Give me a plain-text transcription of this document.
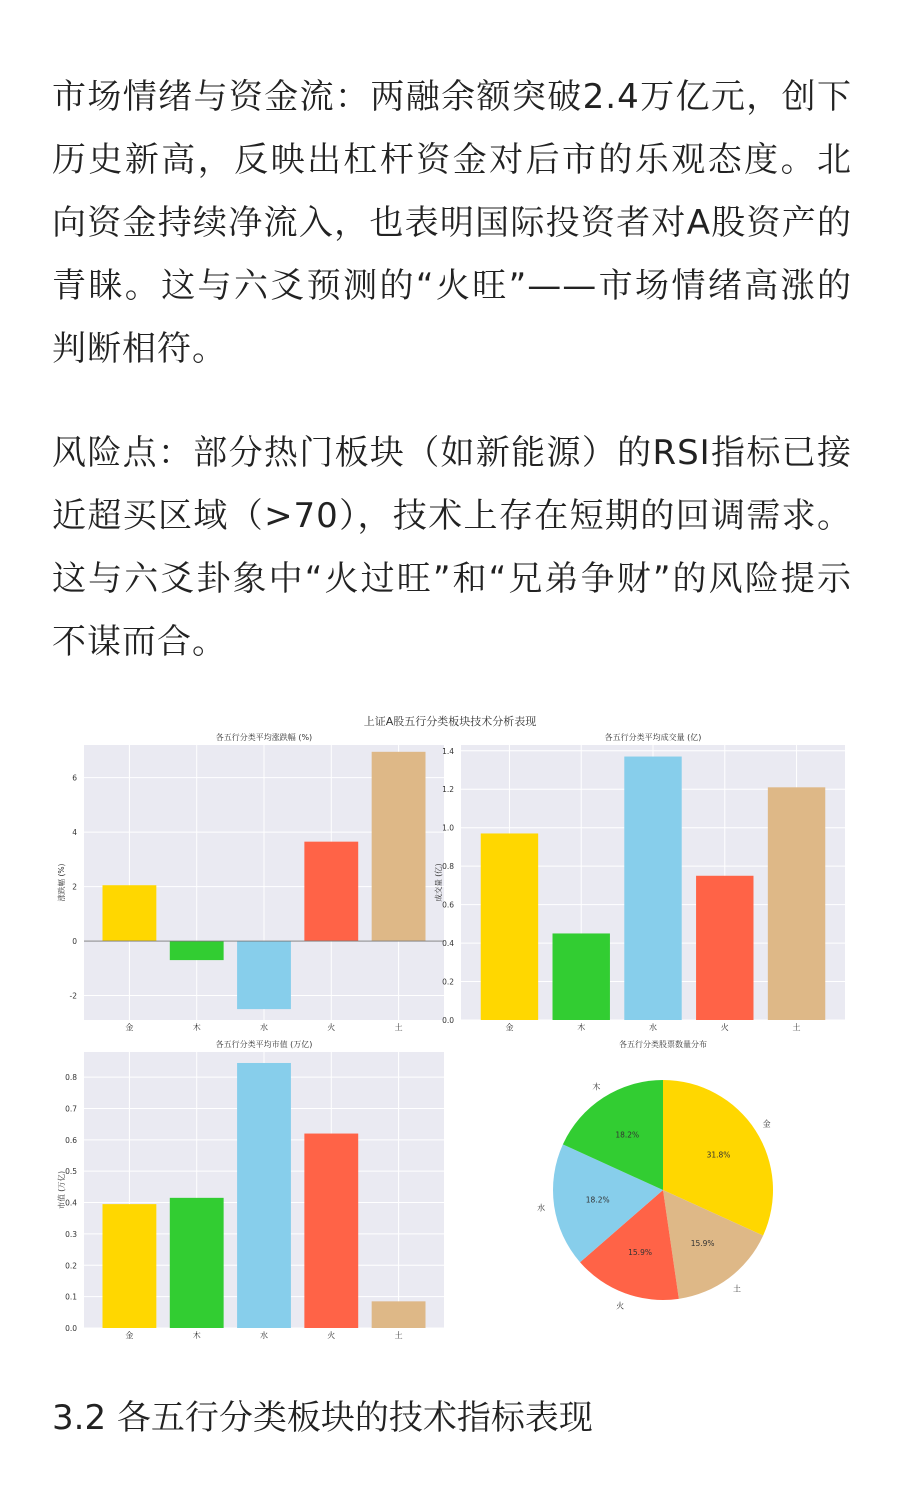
市场情绪与资金流：两融余额突破2.4万亿元，创下历史新高，反映出杠杆资金对后市的乐观态度。北向资金持续净流入，也表明国际投资者对A股资产的青睐。这与六爻预测的“火旺”——市场情绪高涨的判断相符。
风险点：部分热门板块（如新能源）的RSI指标已接近超买区域（>70），技术上存在短期的回调需求。这与六爻卦象中“火过旺”和“兄弟争财”的风险提示不谋而合。
上证A股五行分类板块技术分析表现
-2
0
2
4
6
金	木	水	火	土
各五行分类平均涨跌幅 (%)
涨跌幅 (%)
0.0
0.2
0.4
0.6
0.8
1.0
1.2
1.4
金	木	水	火	土
各五行分类平均成交量 (亿)
成交量 (亿)
0.0
0.1
0.2
0.3
0.4
0.5
0.6
0.7
0.8
金	木	水	火	土
各五行分类平均市值 (万亿)
市值 (万亿)
31.8%
金
15.9%
土
15.9%
火
18.2%
水
18.2%
木
各五行分类股票数量分布
3.2 各五行分类板块的技术指标表现
